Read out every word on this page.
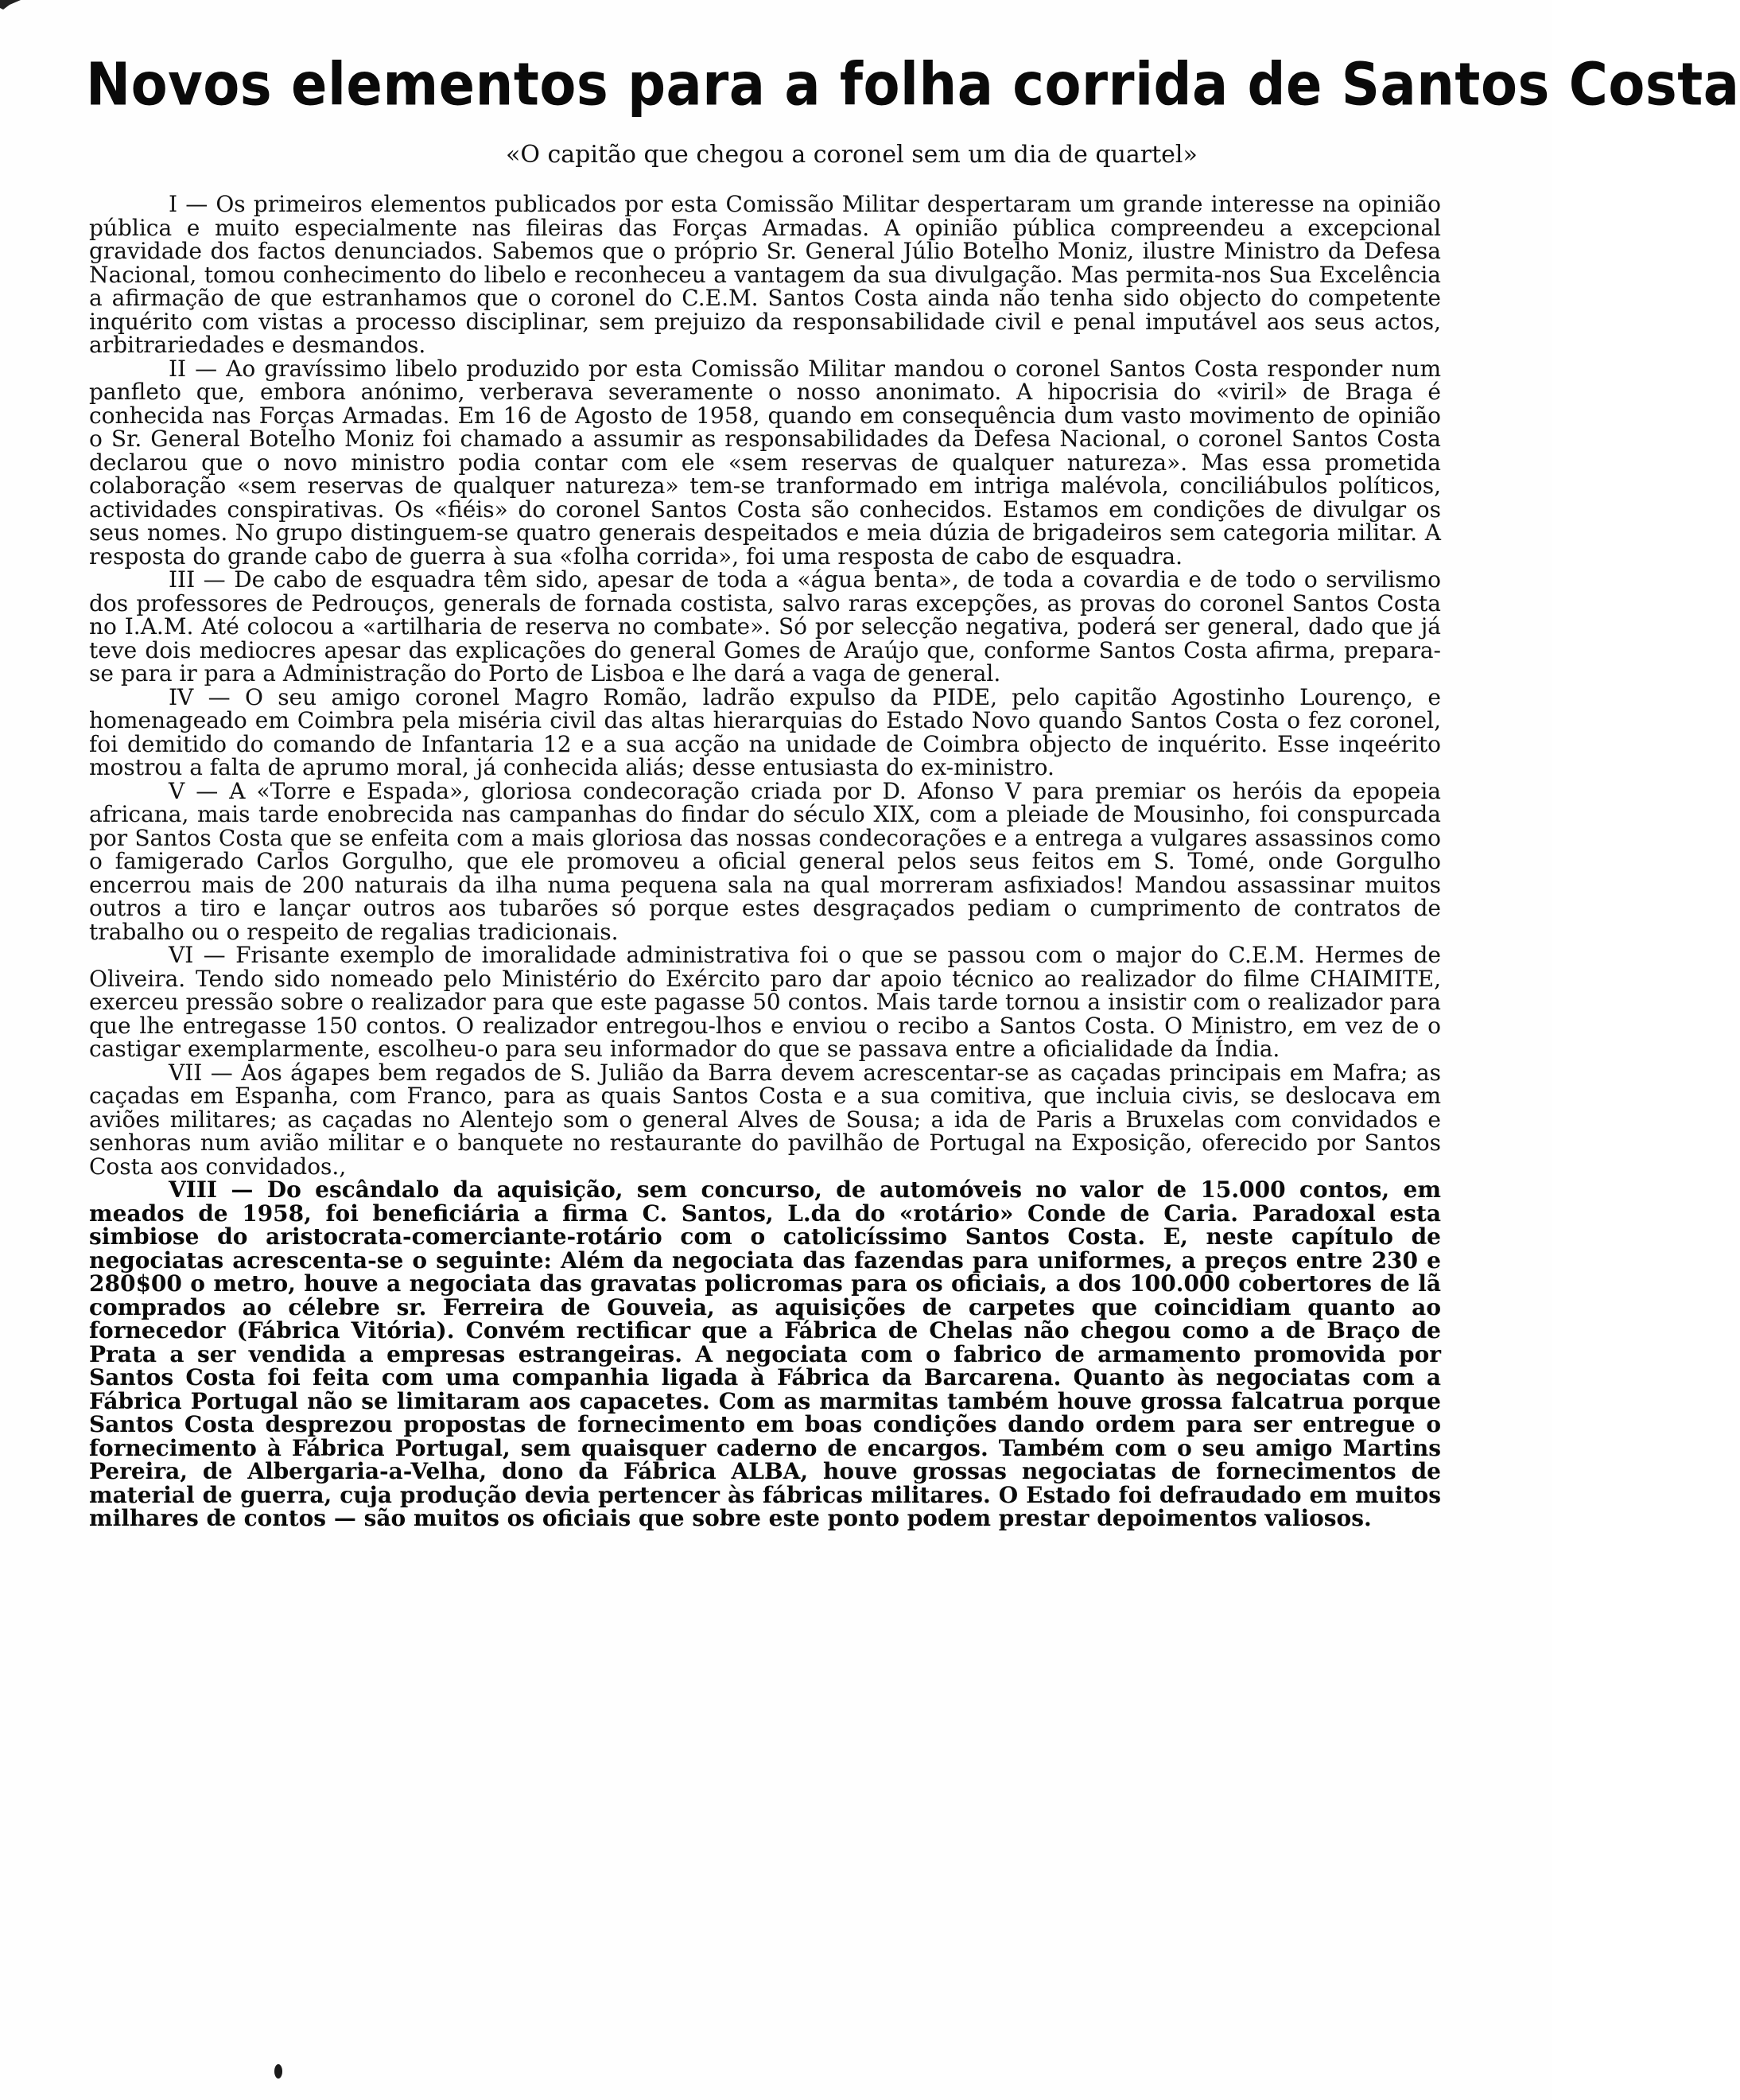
Novos elementos para a folha corrida de Santos Costa
«O capitão que chegou a coronel sem um dia de quartel»

I — Os primeiros elementos publicados por esta Comissão Militar despertaram um grande interesse na opinião pública e muito especialmente nas fileiras das Forças Armadas. A opinião pública compreendeu a excepcional gravidade dos factos denunciados. Sabemos que o próprio Sr. General Júlio Botelho Moniz, ilustre Ministro da Defesa Nacional, tomou conhecimento do libelo e reconheceu a vantagem da sua divulgação. Mas permita-nos Sua Excelência a afirmação de que estranhamos que o coronel do C.E.M. Santos Costa ainda não tenha sido objecto do competente inquérito com vistas a processo disciplinar, sem prejuizo da responsabilidade civil e penal imputável aos seus actos, arbitrariedades e desmandos.

II — Ao gravíssimo libelo produzido por esta Comissão Militar mandou o coronel Santos Costa responder num panfleto que, embora anónimo, verberava severamente o nosso anonimato. A hipocrisia do «viril» de Braga é conhecida nas Forças Armadas. Em 16 de Agosto de 1958, quando em consequência dum vasto movimento de opinião o Sr. General Botelho Moniz foi chamado a assumir as responsabilidades da Defesa Nacional, o coronel Santos Costa declarou que o novo ministro podia contar com ele «sem reservas de qualquer natureza». Mas essa prometida colaboração «sem reservas de qualquer natureza» tem-se tranformado em intriga malévola, conciliábulos políticos, actividades conspirativas. Os «fiéis» do coronel Santos Costa são conhecidos. Estamos em condições de divulgar os seus nomes. No grupo distinguem-se quatro generais despeitados e meia dúzia de brigadeiros sem categoria militar. A resposta do grande cabo de guerra à sua «folha corrida», foi uma resposta de cabo de esquadra.

III — De cabo de esquadra têm sido, apesar de toda a «água benta», de toda a covardia e de todo o servilismo dos professores de Pedrouços, generals de fornada costista, salvo raras excepções, as provas do coronel Santos Costa no I.A.M. Até colocou a «artilharia de reserva no combate». Só por selecção negativa, poderá ser general, dado que já teve dois mediocres apesar das explicações do general Gomes de Araújo que, conforme Santos Costa afirma, prepara-se para ir para a Administração do Porto de Lisboa e lhe dará a vaga de general.

IV — O seu amigo coronel Magro Romão, ladrão expulso da PIDE, pelo capitão Agostinho Lourenço, e homenageado em Coimbra pela miséria civil das altas hierarquias do Estado Novo quando Santos Costa o fez coronel, foi demitido do comando de Infantaria 12 e a sua acção na unidade de Coimbra objecto de inquérito. Esse inqeérito mostrou a falta de aprumo moral, já conhecida aliás; desse entusiasta do ex-ministro.

V — A «Torre e Espada», gloriosa condecoração criada por D. Afonso V para premiar os heróis da epopeia africana, mais tarde enobrecida nas campanhas do findar do século XIX, com a pleiade de Mousinho, foi conspurcada por Santos Costa que se enfeita com a mais gloriosa das nossas condecorações e a entrega a vulgares assassinos como o famigerado Carlos Gorgulho, que ele promoveu a oficial general pelos seus feitos em S. Tomé, onde Gorgulho encerrou mais de 200 naturais da ilha numa pequena sala na qual morreram asfixiados! Mandou assassinar muitos outros a tiro e lançar outros aos tubarões só porque estes desgraçados pediam o cumprimento de contratos de trabalho ou o respeito de regalias tradicionais.

VI — Frisante exemplo de imoralidade administrativa foi o que se passou com o major do C.E.M. Hermes de Oliveira. Tendo sido nomeado pelo Ministério do Exército paro dar apoio técnico ao realizador do filme CHAIMITE, exerceu pressão sobre o realizador para que este pagasse 50 contos. Mais tarde tornou a insistir com o realizador para que lhe entregasse 150 contos. O realizador entregou-lhos e enviou o recibo a Santos Costa. O Ministro, em vez de o castigar exemplarmente, escolheu-o para seu informador do que se passava entre a oficialidade da Índia.

VII — Aos ágapes bem regados de S. Julião da Barra devem acrescentar-se as caçadas principais em Mafra; as caçadas em Espanha, com Franco, para as quais Santos Costa e a sua comitiva, que incluia civis, se deslocava em aviões militares; as caçadas no Alentejo som o general Alves de Sousa; a ida de Paris a Bruxelas com convidados e senhoras num avião militar e o banquete no restaurante do pavilhão de Portugal na Exposição, oferecido por Santos Costa aos convidados.,

VIII — Do escândalo da aquisição, sem concurso, de automóveis no valor de 15.000 contos, em meados de 1958, foi beneficiária a firma C. Santos, L.da do «rotário» Conde de Caria. Paradoxal esta simbiose do aristocrata-comerciante-rotário com o catolicíssimo Santos Costa. E, neste capítulo de negociatas acrescenta-se o seguinte: Além da negociata das fazendas para uniformes, a preços entre 230 e 280$00 o metro, houve a negociata das gravatas policromas para os oficiais, a dos 100.000 cobertores de lã comprados ao célebre sr. Ferreira de Gouveia, as aquisições de carpetes que coincidiam quanto ao fornecedor (Fábrica Vitória). Convém rectificar que a Fábrica de Chelas não chegou como a de Braço de Prata a ser vendida a empresas estrangeiras. A negociata com o fabrico de armamento promovida por Santos Costa foi feita com uma companhia ligada à Fábrica da Barcarena. Quanto às negociatas com a Fábrica Portugal não se limitaram aos capacetes. Com as marmitas também houve grossa falcatrua porque Santos Costa desprezou propostas de fornecimento em boas condições dando ordem para ser entregue o fornecimento à Fábrica Portugal, sem quaisquer caderno de encargos. Também com o seu amigo Martins Pereira, de Albergaria-a-Velha, dono da Fábrica ALBA, houve grossas negociatas de fornecimentos de material de guerra, cuja produção devia pertencer às fábricas militares. O Estado foi defraudado em muitos milhares de contos — são muitos os oficiais que sobre este ponto podem prestar depoimentos valiosos.
